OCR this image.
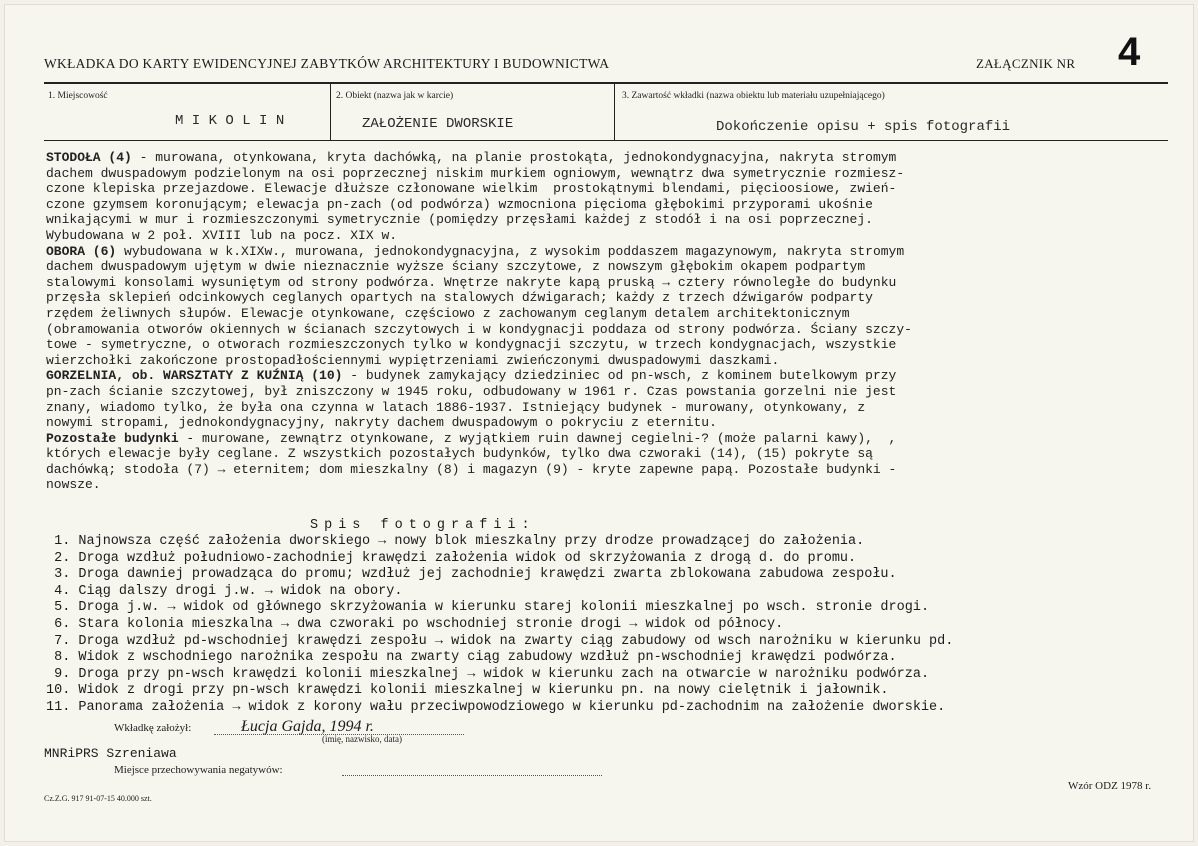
WKŁADKA DO KARTY EWIDENCYJNEJ ZABYTKÓW ARCHITEKTURY I BUDOWNICTWA	ZAŁĄCZNIK NR 4
1. Miejscowość	2. Obiekt (nazwa jak w karcie)	3. Zawartość wkładki (nazwa obiektu lub materiału uzupełniającego)
M I K O L I N	ZAŁOŻENIE DWORSKIE	Dokończenie opisu + spis fotografii

STODOŁA (4) - murowana, otynkowana, kryta dachówką, na planie prostokąta, jednokondygnacyjna, nakryta stromym

dachem dwuspadowym podzielonym na osi poprzecznej niskim murkiem ogniowym, wewnątrz dwa symetrycznie rozmiesz-

czone klepiska przejazdowe. Elewacje dłuższe członowane wielkim  prostokątnymi blendami, pięcioosiowe, zwień-

czone gzymsem koronującym; elewacja pn-zach (od podwórza) wzmocniona pięcioma głębokimi przyporami ukośnie

wnikającymi w mur i rozmieszczonymi symetrycznie (pomiędzy przęsłami każdej z stodół i na osi poprzecznej.

Wybudowana w 2 poł. XVIII lub na pocz. XIX w.

OBORA (6) wybudowana w k.XIXw., murowana, jednokondygnacyjna, z wysokim poddaszem magazynowym, nakryta stromym

dachem dwuspadowym ujętym w dwie nieznacznie wyższe ściany szczytowe, z nowszym głębokim okapem podpartym

stalowymi konsolami wysuniętym od strony podwórza. Wnętrze nakryte kapą pruską → cztery równoległe do budynku

przęsła sklepień odcinkowych ceglanych opartych na stalowych dźwigarach; każdy z trzech dźwigarów podparty

rzędem żeliwnych słupów. Elewacje otynkowane, częściowo z zachowanym ceglanym detalem architektonicznym

(obramowania otworów okiennych w ścianach szczytowych i w kondygnacji poddaza od strony podwórza. Ściany szczy-

towe - symetryczne, o otworach rozmieszczonych tylko w kondygnacji szczytu, w trzech kondygnacjach, wszystkie

wierzchołki zakończone prostopadłościennymi wypiętrzeniami zwieńczonymi dwuspadowymi daszkami.

GORZELNIA, ob. WARSZTATY Z KUŹNIĄ (10) - budynek zamykający dziedziniec od pn-wsch, z kominem butelkowym przy

pn-zach ścianie szczytowej, był zniszczony w 1945 roku, odbudowany w 1961 r. Czas powstania gorzelni nie jest

znany, wiadomo tylko, że była ona czynna w latach 1886-1937. Istniejący budynek - murowany, otynkowany, z

nowymi stropami, jednokondygnacyjny, nakryty dachem dwuspadowym o pokryciu z eternitu.

Pozostałe budynki - murowane, zewnątrz otynkowane, z wyjątkiem ruin dawnej cegielni-? (może palarni kawy),  ,

których elewacje były ceglane. Z wszystkich pozostałych budynków, tylko dwa czworaki (14), (15) pokryte są

dachówką; stodoła (7) → eternitem; dom mieszkalny (8) i magazyn (9) - kryte zapewne papą. Pozostałe budynki -

nowsze.

Spis fotografii:
1. Najnowsza część założenia dworskiego → nowy blok mieszkalny przy drodze prowadzącej do założenia.
2. Droga wzdłuż południowo-zachodniej krawędzi założenia widok od skrzyżowania z drogą d. do promu.
3. Droga dawniej prowadząca do promu; wzdłuż jej zachodniej krawędzi zwarta zblokowana zabudowa zespołu.
4. Ciąg dalszy drogi j.w. → widok na obory.
5. Droga j.w. → widok od głównego skrzyżowania w kierunku starej kolonii mieszkalnej po wsch. stronie drogi.
6. Stara kolonia mieszkalna → dwa czworaki po wschodniej stronie drogi → widok od północy.
7. Droga wzdłuż pd-wschodniej krawędzi zespołu → widok na zwarty ciąg zabudowy od wsch narożniku w kierunku pd.
8. Widok z wschodniego narożnika zespołu na zwarty ciąg zabudowy wzdłuż pn-wschodniej krawędzi podwórza.
9. Droga przy pn-wsch krawędzi kolonii mieszkalnej → widok w kierunku zach na otwarcie w narożniku podwórza.
10. Widok z drogi przy pn-wsch krawędzi kolonii mieszkalnej w kierunku pn. na nowy cielętnik i jałownik.
11. Panorama założenia → widok z korony wału przeciwpowodziowego w kierunku pd-zachodnim na założenie dworskie.
Wkładkę założył:	Łucja Gajda, 1994 r.
(imię, nazwisko, data)
MNRiPRS Szreniawa
Miejsce przechowywania negatywów:
Wzór ODZ 1978 r.
Cz.Z.G. 917 91-07-15 40.000 szt.
